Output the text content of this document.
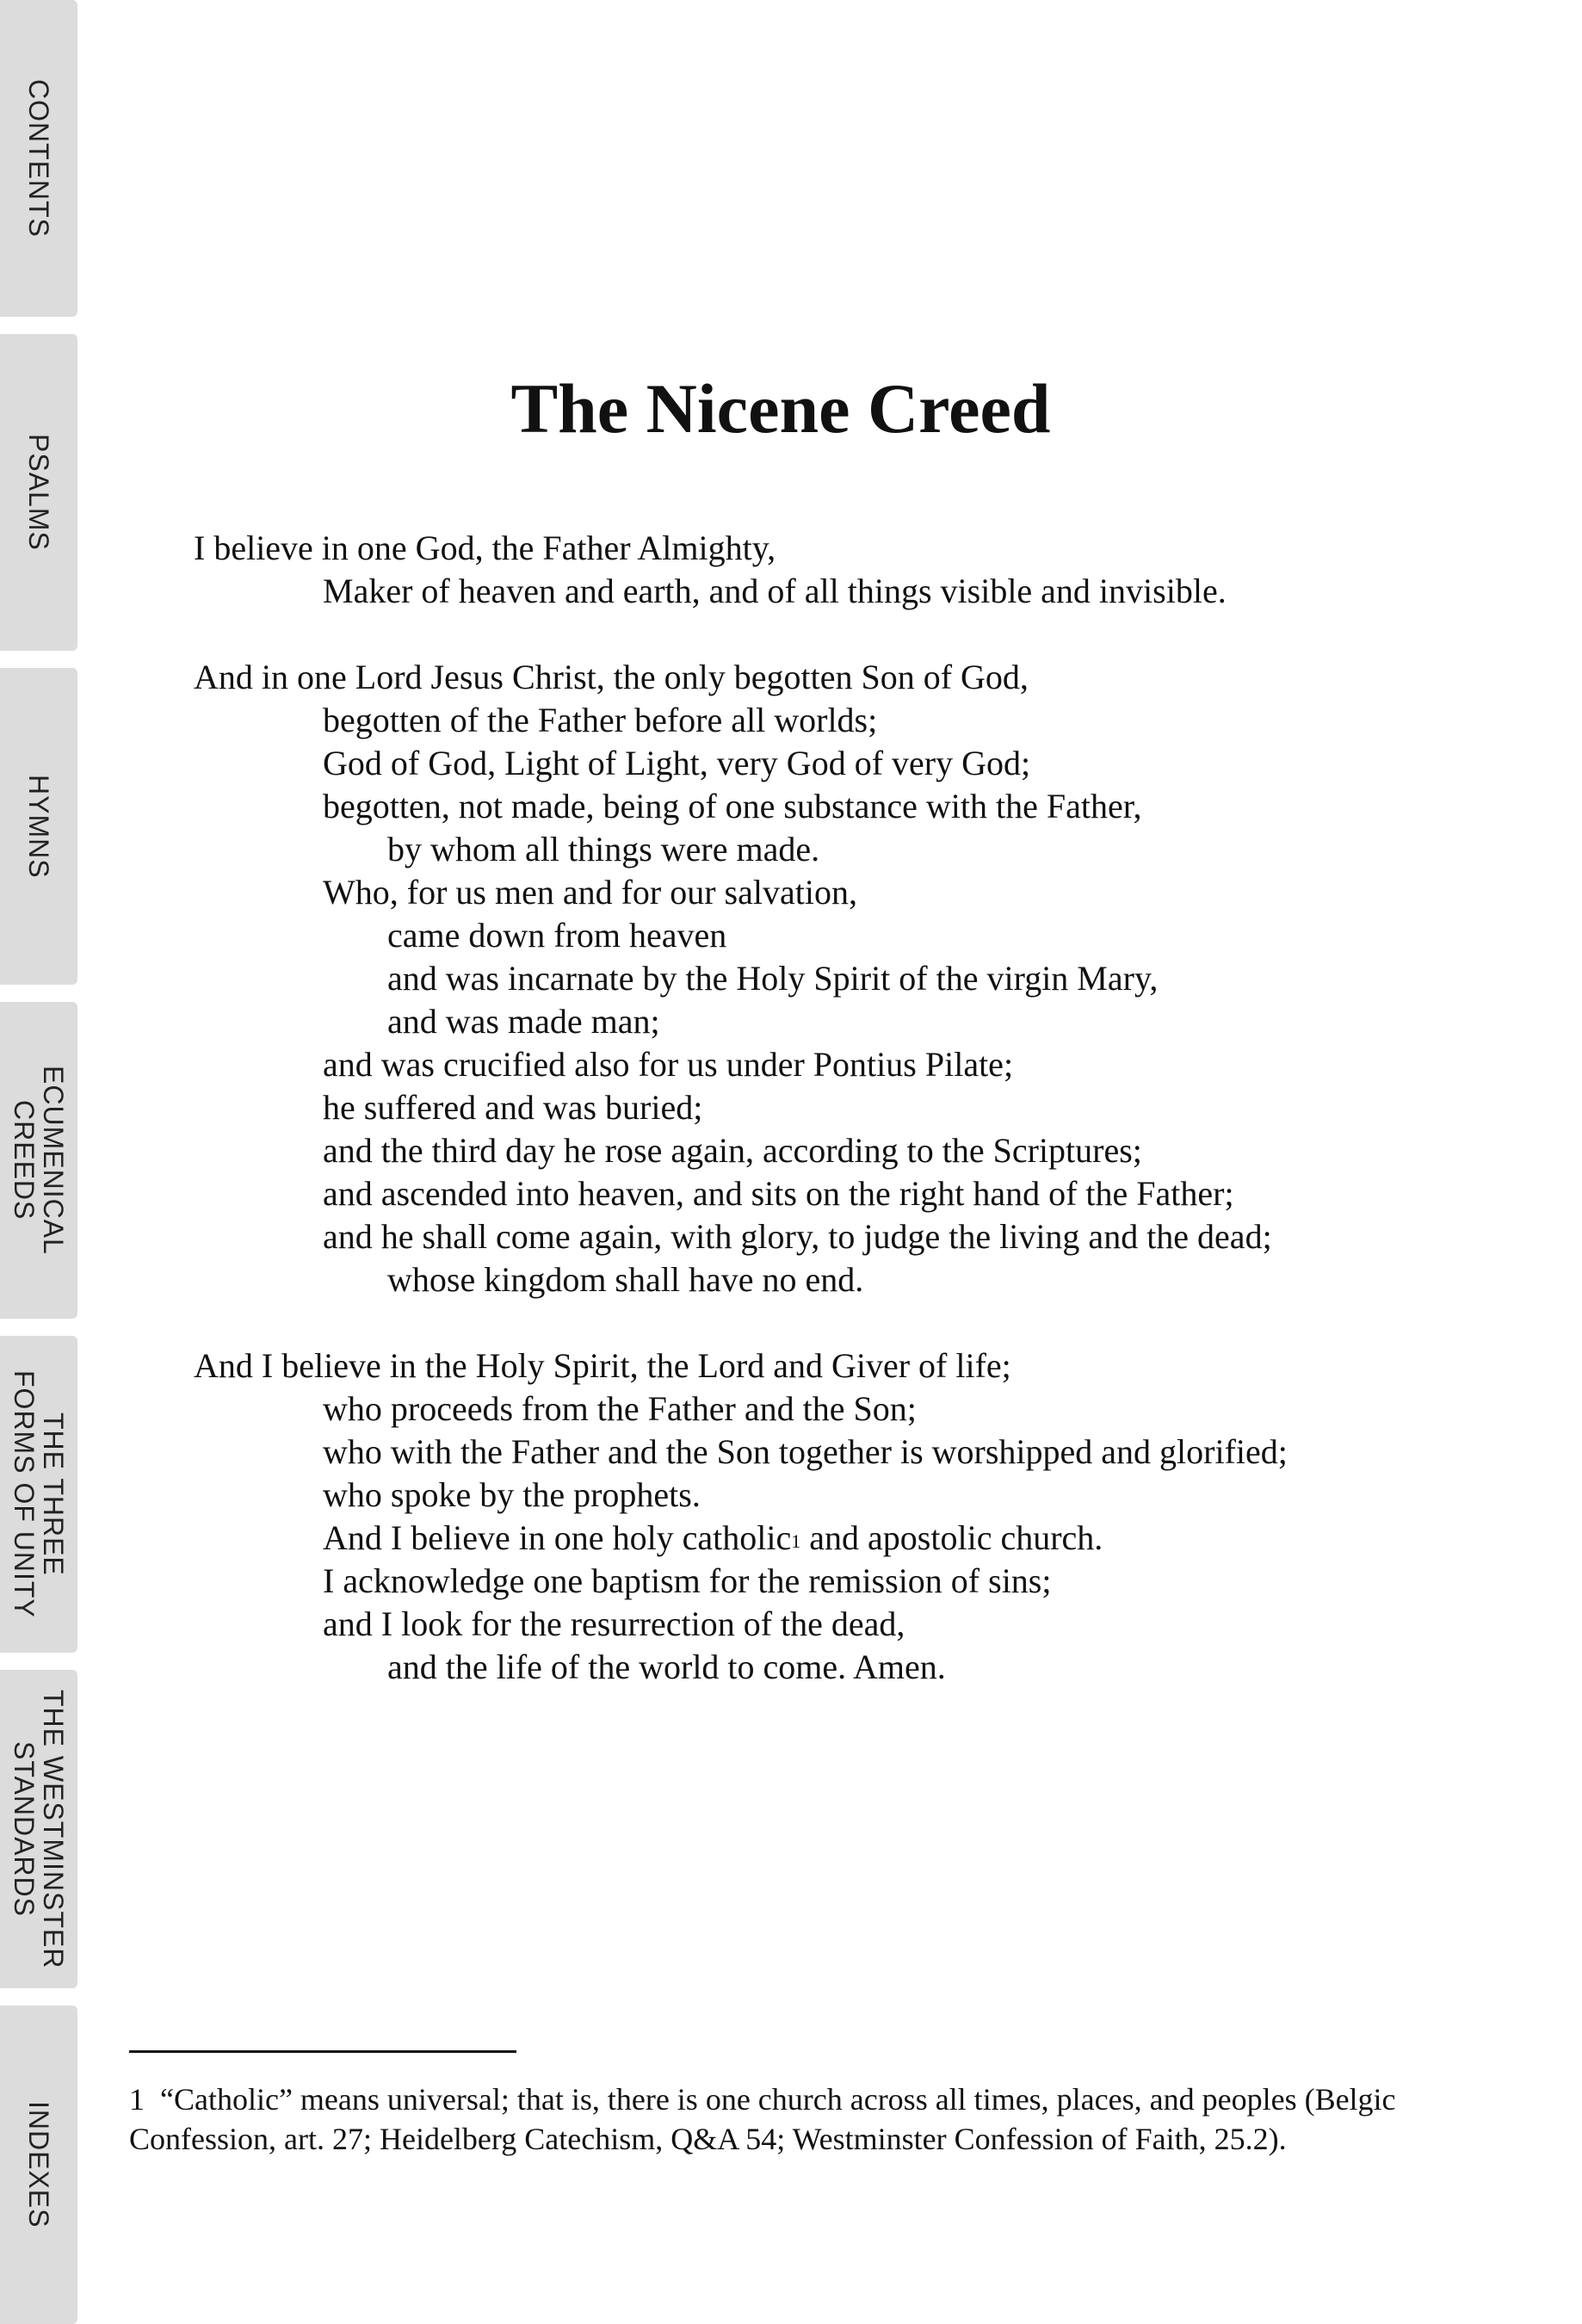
CONTENTS
PSALMS
HYMNS
ECUMENICAL
CREEDS
THE THREE
FORMS OF UNITY
THE WESTMINSTER
STANDARDS
INDEXES
The Nicene Creed

I believe in one God, the Father Almighty,
Maker of heaven and earth, and of all things visible and invisible.

And in one Lord Jesus Christ, the only begotten Son of God,
begotten of the Father before all worlds;
God of God, Light of Light, very God of very God;
begotten, not made, being of one substance with the Father,
by whom all things were made.
Who, for us men and for our salvation,
came down from heaven
and was incarnate by the Holy Spirit of the virgin Mary,
and was made man;
and was crucified also for us under Pontius Pilate;
he suffered and was buried;
and the third day he rose again, according to the Scriptures;
and ascended into heaven, and sits on the right hand of the Father;
and he shall come again, with glory, to judge the living and the dead;
whose kingdom shall have no end.

And I believe in the Holy Spirit, the Lord and Giver of life;
who proceeds from the Father and the Son;
who with the Father and the Son together is worshipped and glorified;
who spoke by the prophets.
And I believe in one holy catholic$^1$ and apostolic church.
I acknowledge one baptism for the remission of sins;
and I look for the resurrection of the dead,
and the life of the world to come. Amen.

1 “Catholic” means universal; that is, there is one church across all times, places, and peoples (Belgic Confession, art. 27; Heidelberg Catechism, Q&A 54; Westminster Confession of Faith, 25.2).
